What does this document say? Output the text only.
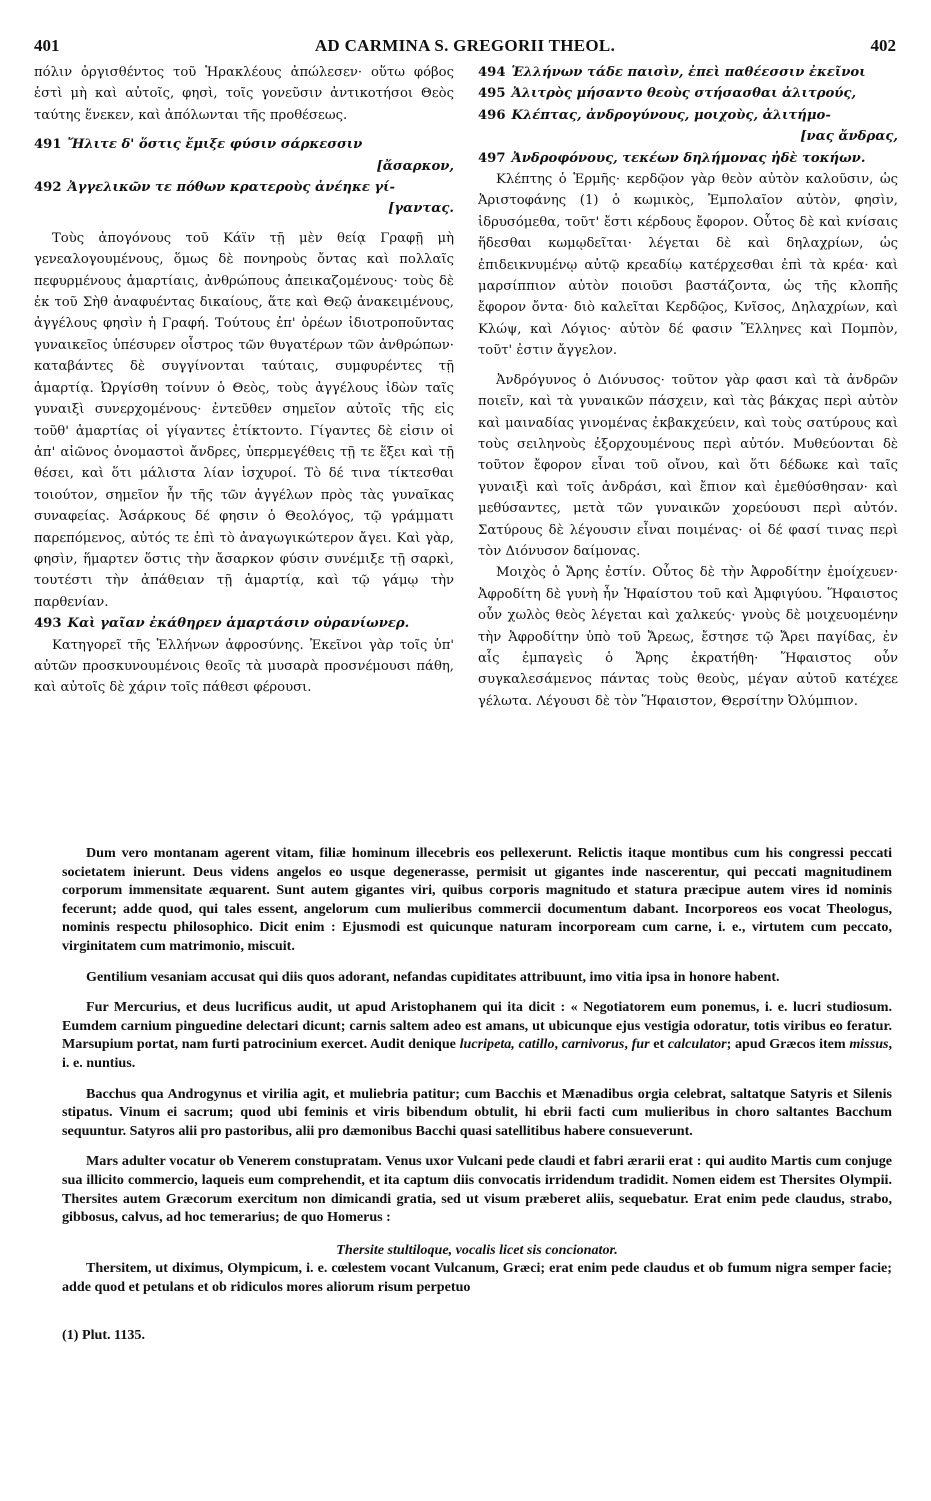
401	AD CARMINA S. GREGORII THEOL.	402

πόλιν ὀργισθέντος τοῦ Ἡρακλέους ἀπώλεσεν· οὕτω φόβος ἐστὶ μὴ καὶ αὐτοῖς, φησὶ, τοῖς γονεῦσιν ἀντικοτήσοι Θεὸς ταύτης ἕνεκεν, καὶ ἀπόλωνται τῆς προθέσεως.

491 Ἤλιτε δ' ὅστις ἔμιξε φύσιν σάρκεσσιν

[ἄσαρκον,

492 Ἀγγελικῶν τε πόθων κρατεροὺς ἀνέηκε γί-

[γαντας.

Τοὺς ἀπογόνους τοῦ Κάϊν τῇ μὲν θείᾳ Γραφῇ μὴ γενεαλογουμένους, ὅμως δὲ πονηροὺς ὄντας καὶ πολλαῖς πεφυρμένους ἁμαρτίαις, ἀνθρώπους ἀπεικαζομένους· τοὺς δὲ ἐκ τοῦ Σὴθ ἀναφυέντας δικαίους, ἅτε καὶ Θεῷ ἀνακειμένους, ἀγγέλους φησὶν ἡ Γραφή. Τούτους ἐπ' ὀρέων ἰδιοτροποῦντας γυναικεῖος ὑπέσυρεν οἶστρος τῶν θυγατέρων τῶν ἀνθρώπων· καταβάντες δὲ συγγίνονται ταύταις, συμφυρέντες τῇ ἁμαρτίᾳ. Ὠργίσθη τοίνυν ὁ Θεὸς, τοὺς ἀγγέλους ἰδὼν ταῖς γυναιξὶ συνερχομένους· ἐντεῦθεν σημεῖον αὐτοῖς τῆς εἰς τοῦθ' ἁμαρτίας οἱ γίγαντες ἐτίκτοντο. Γίγαντες δὲ εἰσιν οἱ ἀπ' αἰῶνος ὀνομαστοὶ ἄνδρες, ὑπερμεγέθεις τῇ τε ἕξει καὶ τῇ θέσει, καὶ ὅτι μάλιστα λίαν ἰσχυροί. Τὸ δέ τινα τίκτεσθαι τοιούτον, σημεῖον ἦν τῆς τῶν ἀγγέλων πρὸς τὰς γυναῖκας συναφείας. Ἀσάρκους δέ φησιν ὁ Θεολόγος, τῷ γράμματι παρεπόμενος, αὐτός τε ἐπὶ τὸ ἀναγωγικώτερον ἄγει. Καὶ γὰρ, φησὶν, ἥμαρτεν ὅστις τὴν ἄσαρκον φύσιν συνέμιξε τῇ σαρκὶ, τουτέστι τὴν ἀπάθειαν τῇ ἁμαρτίᾳ, καὶ τῷ γάμῳ τὴν παρθενίαν.

493 Καὶ γαῖαν ἐκάθηρεν ἁμαρτάσιν οὐρανίωνερ.

Κατηγορεῖ τῆς Ἑλλήνων ἀφροσύνης. Ἐκεῖνοι γὰρ τοῖς ὑπ' αὐτῶν προσκυνουμένοις θεοῖς τὰ μυσαρὰ προσνέμουσι πάθη, καὶ αὐτοῖς δὲ χάριν τοῖς πάθεσι φέρουσι.

494 Ἑλλήνων τάδε παισὶν, ἐπεὶ παθέεσσιν ἐκεῖνοι

495 Ἀλιτρὸς μήσαντο θεοὺς στήσασθαι ἀλιτρούς,

496 Κλέπτας, ἀνδρογύνους, μοιχοὺς, ἀλιτήμο-

[νας ἄνδρας,

497 Ἀνδροφόνους, τεκέων δηλήμονας ἠδὲ τοκήων.

Κλέπτης ὁ Ἑρμῆς· κερδῷον γὰρ θεὸν αὐτὸν καλοῦσιν, ὡς Ἀριστοφάνης (1) ὁ κωμικὸς, Ἐμπολαῖον αὐτὸν, φησὶν, ἱδρυσόμεθα, τοῦτ' ἔστι κέρδους ἔφορον. Οὗτος δὲ καὶ κνίσαις ἥδεσθαι κωμῳδεῖται· λέγεται δὲ καὶ δηλαχρίων, ὡς ἐπιδεικνυμένῳ αὐτῷ κρεαδίῳ κατέρχεσθαι ἐπὶ τὰ κρέα· καὶ μαρσίππιον αὐτὸν ποιοῦσι βαστάζοντα, ὡς τῆς κλοπῆς ἔφορον ὄντα· διὸ καλεῖται Κερδῷος, Κνῖσος, Δηλαχρίων, καὶ Κλώψ, καὶ Λόγιος· αὐτὸν δέ φασιν Ἕλληνες καὶ Πομπὸν, τοῦτ' ἐστιν ἄγγελον.

Ἀνδρόγυνος ὁ Διόνυσος· τοῦτον γὰρ φασι καὶ τὰ ἀνδρῶν ποιεῖν, καὶ τὰ γυναικῶν πάσχειν, καὶ τὰς βάκχας περὶ αὐτὸν καὶ μαιναδίας γινομένας ἐκβακχεύειν, καὶ τοὺς σατύρους καὶ τοὺς σειληνοὺς ἐξορχουμένους περὶ αὐτόν. Μυθεύονται δὲ τοῦτον ἔφορον εἶναι τοῦ οἴνου, καὶ ὅτι δέδωκε καὶ ταῖς γυναιξὶ καὶ τοῖς ἀνδράσι, καὶ ἔπιον καὶ ἐμεθύσθησαν· καὶ μεθύσαντες, μετὰ τῶν γυναικῶν χορεύουσι περὶ αὐτόν. Σατύρους δὲ λέγουσιν εἶναι ποιμένας· οἱ δέ φασί τινας περὶ τὸν Διόνυσον δαίμονας.

Μοιχὸς ὁ Ἄρης ἐστίν. Οὗτος δὲ τὴν Ἀφροδίτην ἐμοίχευεν· Ἀφροδίτη δὲ γυνὴ ἦν Ἡφαίστου τοῦ καὶ Ἀμφιγύου. Ἥφαιστος οὖν χωλὸς θεὸς λέγεται καὶ χαλκεύς· γνοὺς δὲ μοιχευομένην τὴν Ἀφροδίτην ὑπὸ τοῦ Ἄρεως, ἔστησε τῷ Ἄρει παγίδας, ἐν αἷς ἐμπαγεὶς ὁ Ἄρης ἐκρατήθη· Ἥφαιστος οὖν συγκαλεσάμενος πάντας τοὺς θεοὺς, μέγαν αὐτοῦ κατέχεε γέλωτα. Λέγουσι δὲ τὸν Ἥφαιστον, Θερσίτην Ὀλύμπιον.

Dum vero montanam agerent vitam, filiæ hominum illecebris eos pellexerunt. Relictis itaque montibus cum his congressi peccati societatem inierunt. Deus videns angelos eo usque degenerasse, permisit ut gigantes inde nascerentur, qui peccati magnitudinem corporum immensitate æquarent. Sunt autem gigantes viri, quibus corporis magnitudo et statura præcipue autem vires id nominis fecerunt; adde quod, qui tales essent, angelorum cum mulieribus commercii documentum dabant. Incorporeos eos vocat Theologus, nominis respectu philosophico. Dicit enim : Ejusmodi est quicunque naturam incorpoream cum carne, i. e., virtutem cum peccato, virginitatem cum matrimonio, miscuit.

Gentilium vesaniam accusat qui diis quos adorant, nefandas cupiditates attribuunt, imo vitia ipsa in honore habent.

Fur Mercurius, et deus lucrificus audit, ut apud Aristophanem qui ita dicit : « Negotiatorem eum ponemus, i. e. lucri studiosum. Eumdem carnium pinguedine delectari dicunt; carnis saltem adeo est amans, ut ubicunque ejus vestigia odoratur, totis viribus eo feratur. Marsupium portat, nam furti patrocinium exercet. Audit denique lucripeta, catillo, carnivorus, fur et calculator; apud Græcos item missus, i. e. nuntius.

Bacchus qua Androgynus et virilia agit, et muliebria patitur; cum Bacchis et Mænadibus orgia celebrat, saltatque Satyris et Silenis stipatus. Vinum ei sacrum; quod ubi feminis et viris bibendum obtulit, hi ebrii facti cum mulieribus in choro saltantes Bacchum sequuntur. Satyros alii pro pastoribus, alii pro dæmonibus Bacchi quasi satellitibus habere consueverunt.

Mars adulter vocatur ob Venerem constupratam. Venus uxor Vulcani pede claudi et fabri ærarii erat : qui audito Martis cum conjuge sua illicito commercio, laqueis eum comprehendit, et ita captum diis convocatis irridendum tradidit. Nomen eidem est Thersites Olympii. Thersites autem Græcorum exercitum non dimicandi gratia, sed ut visum præberet aliis, sequebatur. Erat enim pede claudus, strabo, gibbosus, calvus, ad hoc temerarius; de quo Homerus :

Thersite stultiloque, vocalis licet sis concionator.

Thersitem, ut diximus, Olympicum, i. e. cœlestem vocant Vulcanum, Græci; erat enim pede claudus et ob fumum nigra semper facie; adde quod et petulans et ob ridiculos mores aliorum risum perpetuo

(1) Plut. 1135.
